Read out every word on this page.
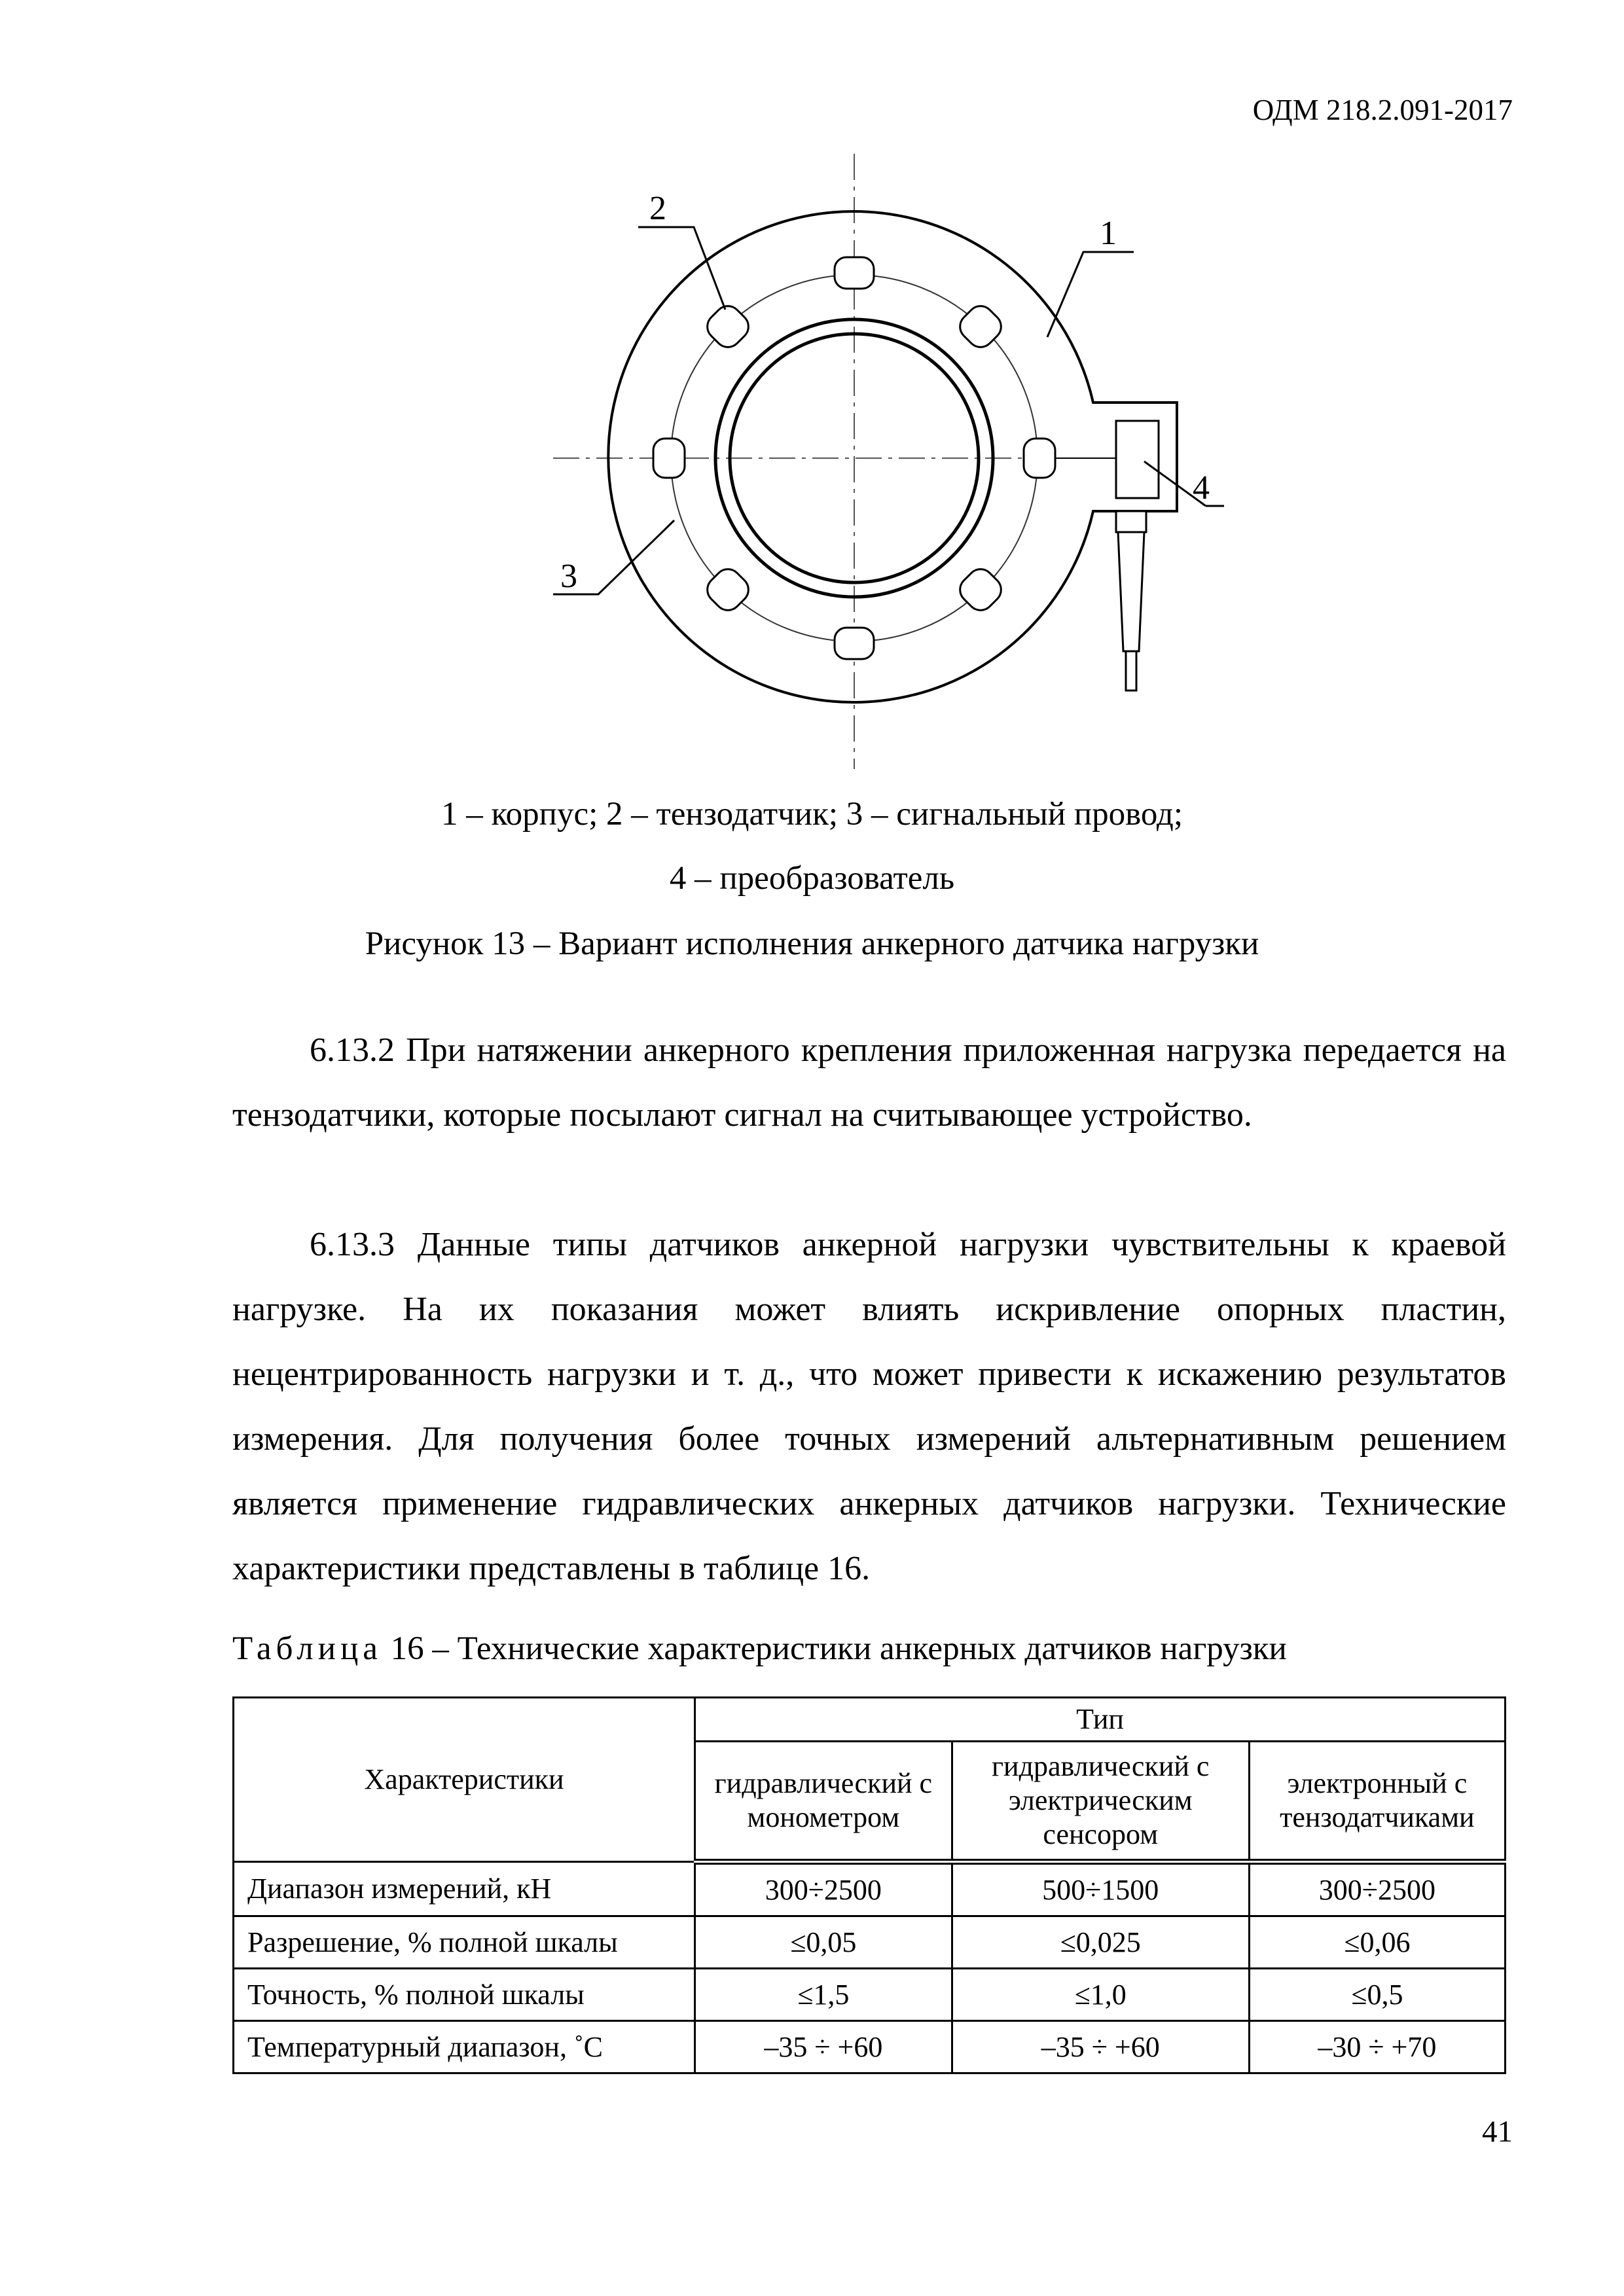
ОДМ 218.2.091-2017
2
1
3
4
1 – корпус; 2 – тензодатчик; 3 – сигнальный провод;
4 – преобразователь
Рисунок 13 – Вариант исполнения анкерного датчика нагрузки

6.13.2 При натяжении анкерного крепления приложенная нагрузка передается на тензодатчики, которые посылают сигнал на считывающее устройство.

6.13.3 Данные типы датчиков анкерной нагрузки чувствительны к краевой нагрузке. На их показания может влиять искривление опорных пластин, нецентрированность нагрузки и т. д., что может привести к искажению результатов измерения. Для получения более точных измерений альтернативным решением является применение гидравлических анкерных датчиков нагрузки. Технические характеристики представлены в таблице 16.

Таблица 16 – Технические характеристики анкерных датчиков нагрузки
Характеристики	Тип		
	гидравлический с монометром	гидравлический с электрическим сенсором	электронный с тензодатчиками
Диапазон измерений, кН	300÷2500	500÷1500	300÷2500
Разрешение, % полной шкалы	≤0,05	≤0,025	≤0,06
Точность, % полной шкалы	≤1,5	≤1,0	≤0,5
Температурный диапазон, ˚С	–35 ÷ +60	–35 ÷ +60	–30 ÷ +70
41
